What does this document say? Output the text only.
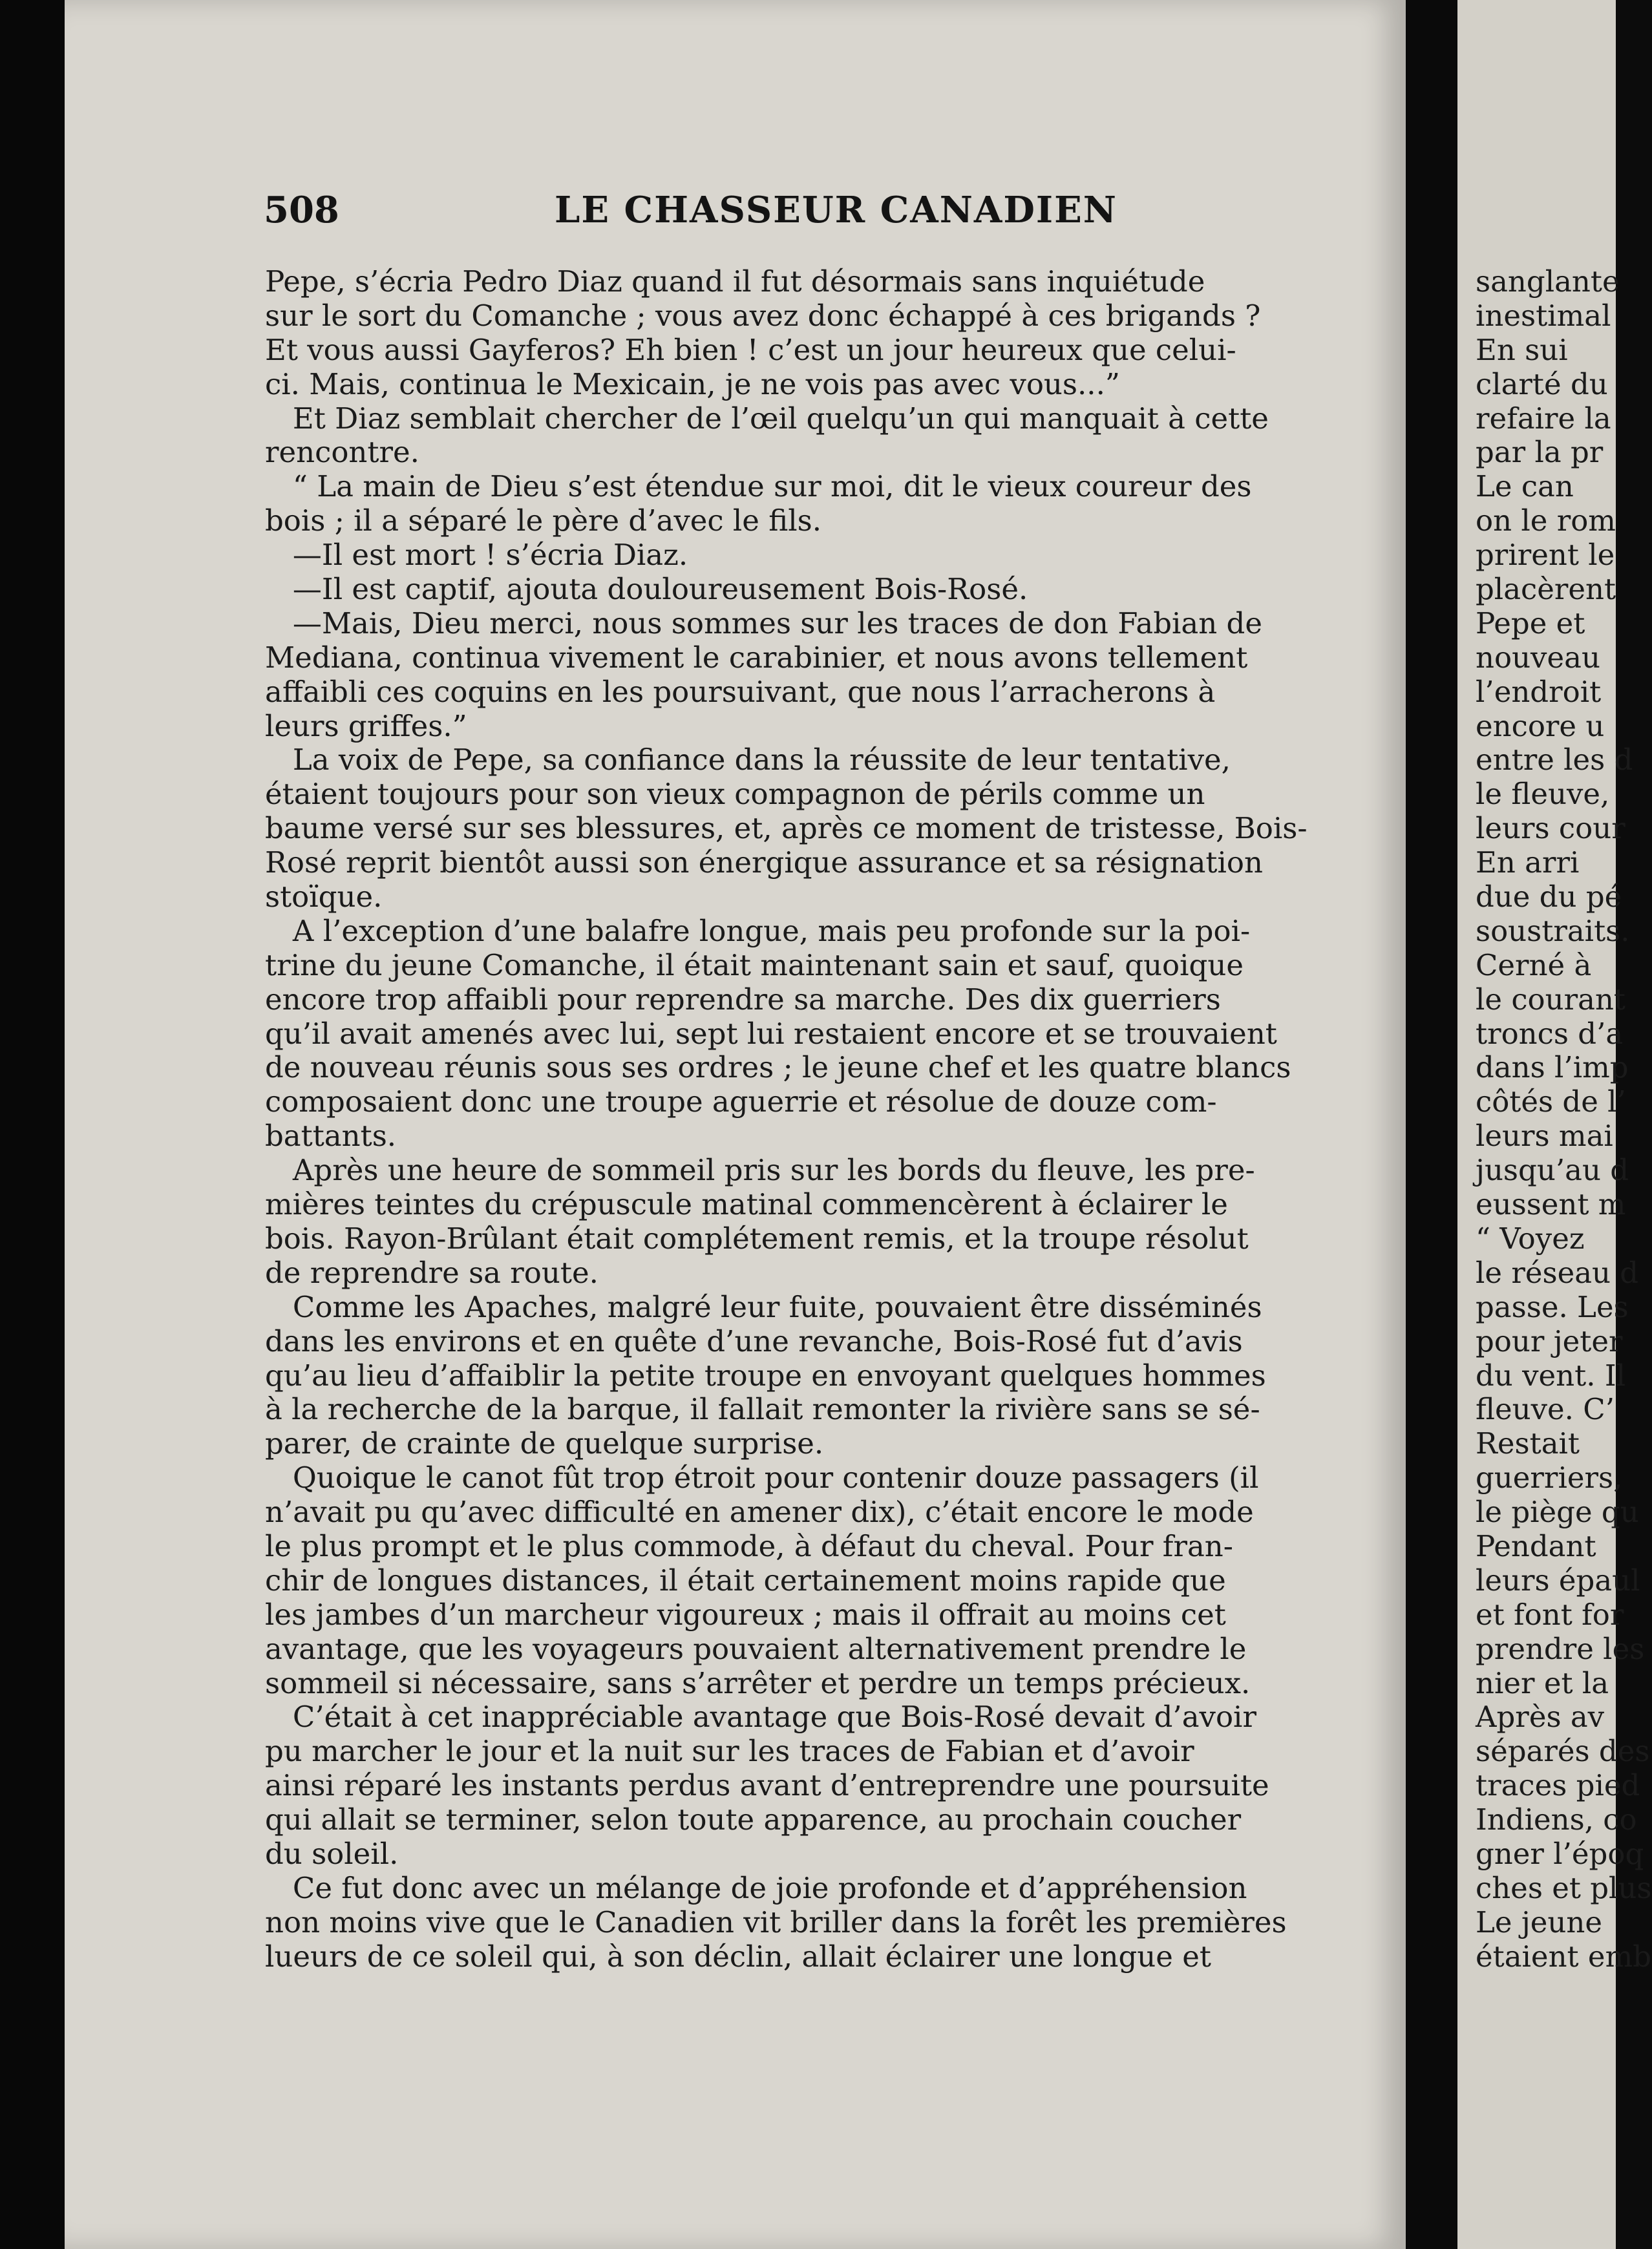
508	LE CHASSEUR CANADIEN
Pepe, s’écria Pedro Diaz quand il fut désormais sans inquiétude
sur le sort du Comanche ; vous avez donc échappé à ces brigands ?
Et vous aussi Gayferos? Eh bien ! c’est un jour heureux que celui-
ci. Mais, continua le Mexicain, je ne vois pas avec vous...”
Et Diaz semblait chercher de l’œil quelqu’un qui manquait à cette
rencontre.
“ La main de Dieu s’est étendue sur moi, dit le vieux coureur des
bois ; il a séparé le père d’avec le fils.
—Il est mort ! s’écria Diaz.
—Il est captif, ajouta douloureusement Bois-Rosé.
—Mais, Dieu merci, nous sommes sur les traces de don Fabian de
Mediana, continua vivement le carabinier, et nous avons tellement
affaibli ces coquins en les poursuivant, que nous l’arracherons à
leurs griffes.”
La voix de Pepe, sa confiance dans la réussite de leur tentative,
étaient toujours pour son vieux compagnon de périls comme un
baume versé sur ses blessures, et, après ce moment de tristesse, Bois-
Rosé reprit bientôt aussi son énergique assurance et sa résignation
stoïque.
A l’exception d’une balafre longue, mais peu profonde sur la poi-
trine du jeune Comanche, il était maintenant sain et sauf, quoique
encore trop affaibli pour reprendre sa marche. Des dix guerriers
qu’il avait amenés avec lui, sept lui restaient encore et se trouvaient
de nouveau réunis sous ses ordres ; le jeune chef et les quatre blancs
composaient donc une troupe aguerrie et résolue de douze com-
battants.
Après une heure de sommeil pris sur les bords du fleuve, les pre-
mières teintes du crépuscule matinal commencèrent à éclairer le
bois. Rayon-Brûlant était complétement remis, et la troupe résolut
de reprendre sa route.
Comme les Apaches, malgré leur fuite, pouvaient être disséminés
dans les environs et en quête d’une revanche, Bois-Rosé fut d’avis
qu’au lieu d’affaiblir la petite troupe en envoyant quelques hommes
à la recherche de la barque, il fallait remonter la rivière sans se sé-
parer, de crainte de quelque surprise.
Quoique le canot fût trop étroit pour contenir douze passagers (il
n’avait pu qu’avec difficulté en amener dix), c’était encore le mode
le plus prompt et le plus commode, à défaut du cheval. Pour fran-
chir de longues distances, il était certainement moins rapide que
les jambes d’un marcheur vigoureux ; mais il offrait au moins cet
avantage, que les voyageurs pouvaient alternativement prendre le
sommeil si nécessaire, sans s’arrêter et perdre un temps précieux.
C’était à cet inappréciable avantage que Bois-Rosé devait d’avoir
pu marcher le jour et la nuit sur les traces de Fabian et d’avoir
ainsi réparé les instants perdus avant d’entreprendre une poursuite
qui allait se terminer, selon toute apparence, au prochain coucher
du soleil.
Ce fut donc avec un mélange de joie profonde et d’appréhension
non moins vive que le Canadien vit briller dans la forêt les premières
lueurs de ce soleil qui, à son déclin, allait éclairer une longue et
sanglante
inestimal
En sui
clarté du
refaire la
par la pr
Le can
on le rom
prirent le
placèrent
Pepe et
nouveau
l’endroit
encore u
entre les d
le fleuve,
leurs cour
En arri
due du pé
soustraits.
Cerné à
le courant
troncs d’a
dans l’imp
côtés de l’
leurs mai
jusqu’au d
eussent m
“ Voyez
le réseau d
passe. Les
pour jeter
du vent. Il
fleuve. C’
Restait
guerriers,
le piège qu
Pendant
leurs épaul
et font for
prendre les
nier et la
Après av
séparés des
traces pied
Indiens, co
gner l’époq
ches et plus
Le jeune
étaient emb
